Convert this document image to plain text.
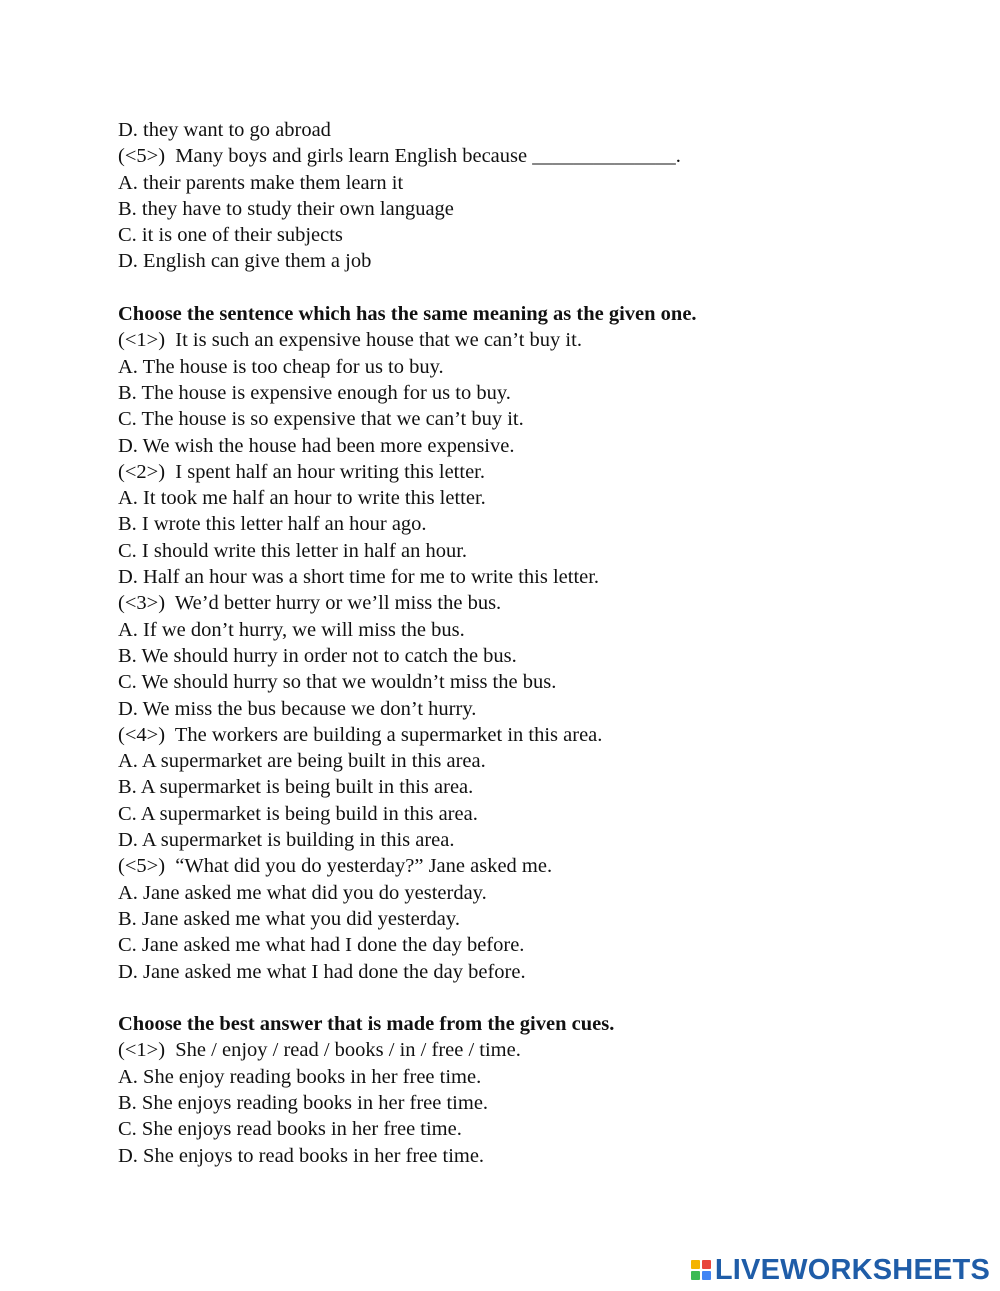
D. they want to go abroad
(<5>)  Many boys and girls learn English because ______________.
A. their parents make them learn it
B. they have to study their own language
C. it is one of their subjects
D. English can give them a job
Choose the sentence which has the same meaning as the given one.
(<1>)  It is such an expensive house that we can’t buy it.
A. The house is too cheap for us to buy.
B. The house is expensive enough for us to buy.
C. The house is so expensive that we can’t buy it.
D. We wish the house had been more expensive.
(<2>)  I spent half an hour writing this letter.
A. It took me half an hour to write this letter.
B. I wrote this letter half an hour ago.
C. I should write this letter in half an hour.
D. Half an hour was a short time for me to write this letter.
(<3>)  We’d better hurry or we’ll miss the bus.
A. If we don’t hurry, we will miss the bus.
B. We should hurry in order not to catch the bus.
C. We should hurry so that we wouldn’t miss the bus.
D. We miss the bus because we don’t hurry.
(<4>)  The workers are building a supermarket in this area.
A. A supermarket are being built in this area.
B. A supermarket is being built in this area.
C. A supermarket is being build in this area.
D. A supermarket is building in this area.
(<5>)  “What did you do yesterday?” Jane asked me.
A. Jane asked me what did you do yesterday.
B. Jane asked me what you did yesterday.
C. Jane asked me what had I done the day before.
D. Jane asked me what I had done the day before.
Choose the best answer that is made from the given cues.
(<1>)  She / enjoy / read / books / in / free / time.
A. She enjoy reading books in her free time.
B. She enjoys reading books in her free time.
C. She enjoys read books in her free time.
D. She enjoys to read books in her free time.
LIVEWORKSHEETS
